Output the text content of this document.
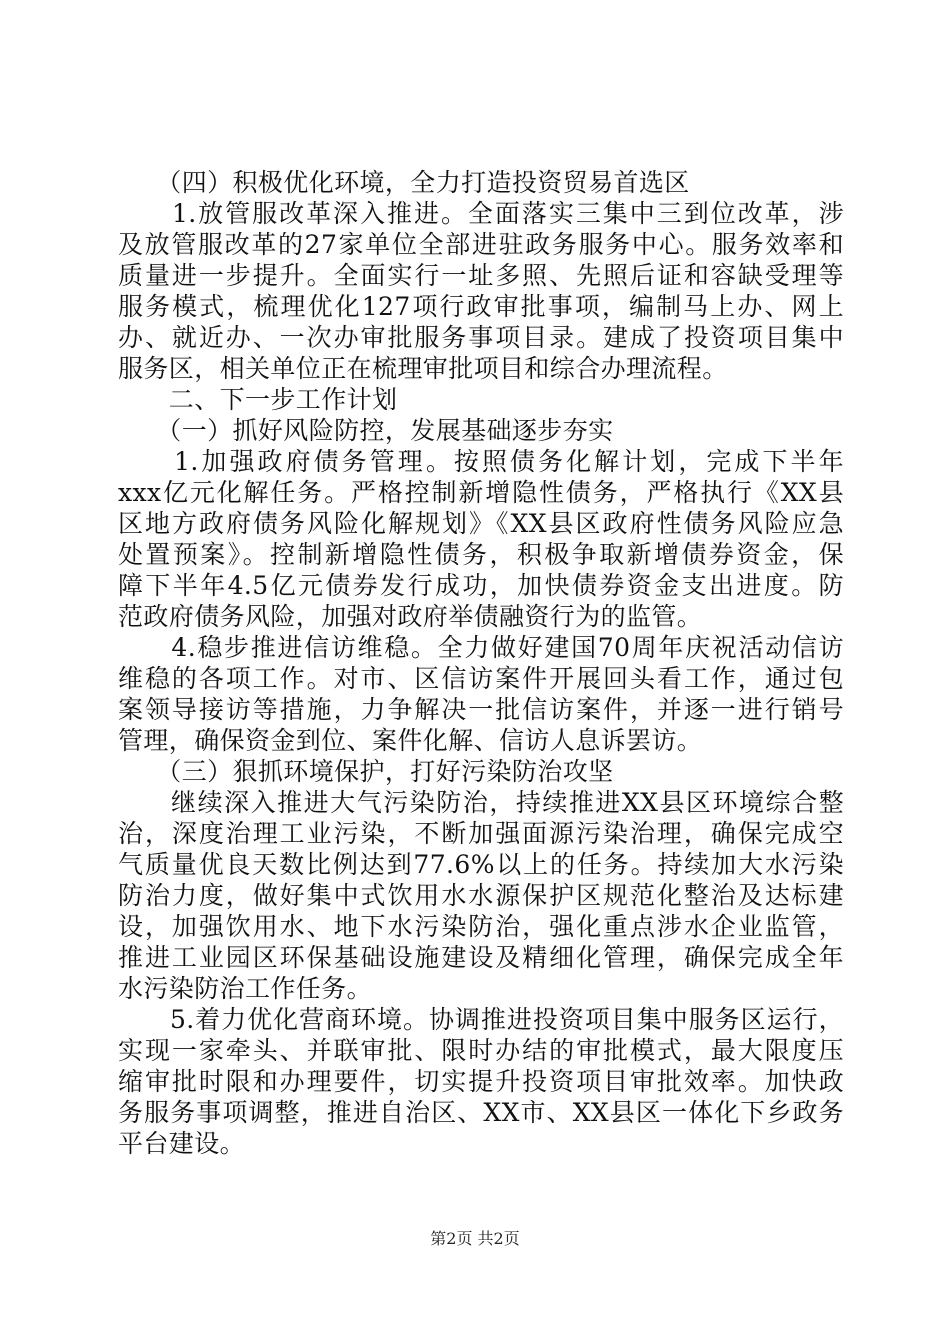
　　（四）积极优化环境，全力打造投资贸易首选区
　　1.放管服改革深入推进。全面落实三集中三到位改革，涉
及放管服改革的27家单位全部进驻政务服务中心。服务效率和
质量进一步提升。全面实行一址多照、先照后证和容缺受理等
服务模式，梳理优化127项行政审批事项，编制马上办、网上
办、就近办、一次办审批服务事项目录。建成了投资项目集中
服务区，相关单位正在梳理审批项目和综合办理流程。
　　二、下一步工作计划
　　（一）抓好风险防控，发展基础逐步夯实
　　1.加强政府债务管理。按照债务化解计划，完成下半年
xxx亿元化解任务。严格控制新增隐性债务，严格执行《XX县
区地方政府债务风险化解规划》《XX县区政府性债务风险应急
处置预案》。控制新增隐性债务，积极争取新增债券资金，保
障下半年4.5亿元债券发行成功，加快债券资金支出进度。防
范政府债务风险，加强对政府举债融资行为的监管。
　　4.稳步推进信访维稳。全力做好建国70周年庆祝活动信访
维稳的各项工作。对市、区信访案件开展回头看工作，通过包
案领导接访等措施，力争解决一批信访案件，并逐一进行销号
管理，确保资金到位、案件化解、信访人息诉罢访。
　　（三）狠抓环境保护，打好污染防治攻坚
　　继续深入推进大气污染防治，持续推进XX县区环境综合整
治，深度治理工业污染，不断加强面源污染治理，确保完成空
气质量优良天数比例达到77.6%以上的任务。持续加大水污染
防治力度，做好集中式饮用水水源保护区规范化整治及达标建
设，加强饮用水、地下水污染防治，强化重点涉水企业监管，
推进工业园区环保基础设施建设及精细化管理，确保完成全年
水污染防治工作任务。
　　5.着力优化营商环境。协调推进投资项目集中服务区运行，
实现一家牵头、并联审批、限时办结的审批模式，最大限度压
缩审批时限和办理要件，切实提升投资项目审批效率。加快政
务服务事项调整，推进自治区、XX市、XX县区一体化下乡政务
平台建设。
第2页 共2页
